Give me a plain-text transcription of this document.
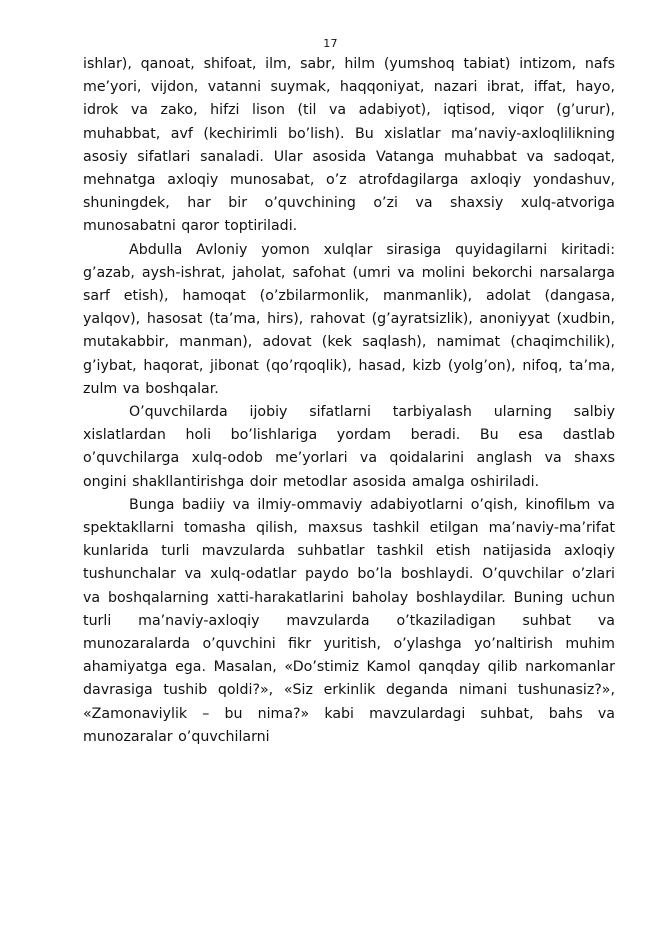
17

ishlar), qanoat, shifoat, ilm, sabr, hilm (yumshoq tabiat) intizom, nafs me’yori, vijdon, vatanni suymak, haqqoniyat, nazari ibrat, iffat, hayo, idrok va zako, hifzi lison (til va adabiyot), iqtisod, viqor (g’urur), muhabbat, avf (kechirimli bo’lish). Bu xislatlar ma’naviy-axloqlilikning asosiy sifatlari sanaladi. Ular asosida Vatanga muhabbat va sadoqat, mehnatga axloqiy munosabat, o’z atrofdagilarga axloqiy yondashuv, shuningdek, har bir o’quvchining o’zi va shaxsiy xulq-atvoriga munosabatni qaror toptiriladi.

Abdulla Avloniy yomon xulqlar sirasiga quyidagilarni kiritadi: g’azab, aysh-ishrat, jaholat, safohat (umri va molini bekorchi narsalarga sarf etish), hamoqat (o’zbilarmonlik, manmanlik), adolat (dangasa, yalqov), hasosat (ta’ma, hirs), rahovat (g’ayratsizlik), anoniyyat (xudbin, mutakabbir, manman), adovat (kek saqlash), namimat (chaqimchilik), g’iybat, haqorat, jibonat (qo’rqoqlik), hasad, kizb (yolg’on), nifoq, ta’ma, zulm va boshqalar.

O’quvchilarda ijobiy sifatlarni tarbiyalash ularning salbiy xislatlardan holi bo’lishlariga yordam beradi. Bu esa dastlab o’quvchilarga xulq-odob me’yorlari va qoidalarini anglash va shaxs ongini shakllantirishga doir metodlar asosida amalga oshiriladi.

Bunga badiiy va ilmiy-ommaviy adabiyotlarni o’qish, kinofilьm va spektakllarni tomasha qilish, maxsus tashkil etilgan ma’naviy-ma’rifat kunlarida turli mavzularda suhbatlar tashkil etish natijasida axloqiy tushunchalar va xulq-odatlar paydo bo’la boshlaydi. O’quvchilar o’zlari va boshqalarning xatti-harakatlarini baholay boshlaydilar. Buning uchun turli ma’naviy-axloqiy mavzularda o’tkaziladigan suhbat va munozaralarda o’quvchini fikr yuritish, o’ylashga yo’naltirish muhim ahamiyatga ega. Masalan, «Do’stimiz Kamol qanqday qilib narkomanlar davrasiga tushib qoldi?», «Siz erkinlik deganda nimani tushunasiz?», «Zamonaviylik – bu nima?» kabi mavzulardagi suhbat, bahs va munozaralar o’quvchilarni
